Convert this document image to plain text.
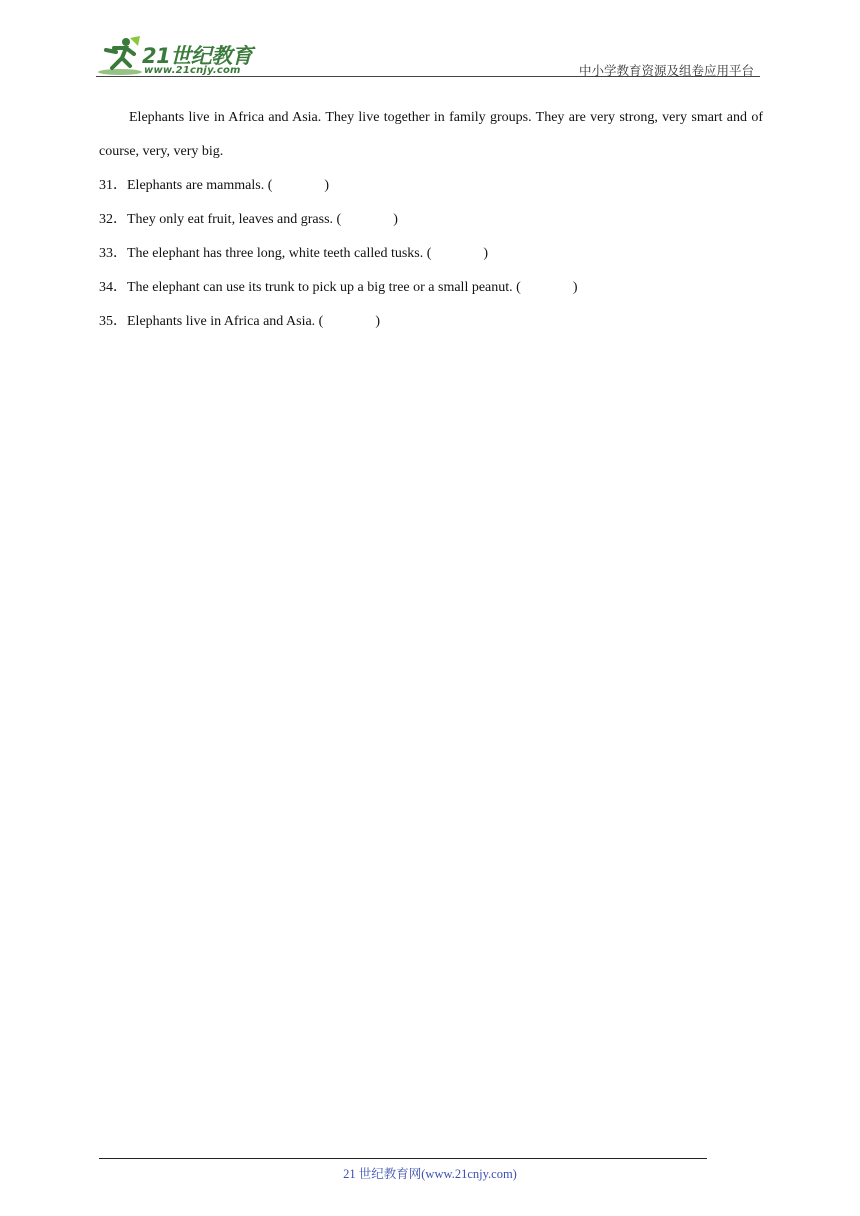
21世纪教育
www.21cnjy.com	中小学教育资源及组卷应用平台

Elephants live in Africa and Asia. They live together in family groups. They are very strong, very smart and of course, very, very big.

31．Elephants are mammals. (	)

32．They only eat fruit, leaves and grass. (	)

33．The elephant has three long, white teeth called tusks. (	)

34．The elephant can use its trunk to pick up a big tree or a small peanut. (	)

35．Elephants live in Africa and Asia. (	)

21 世纪教育网(www.21cnjy.com)
